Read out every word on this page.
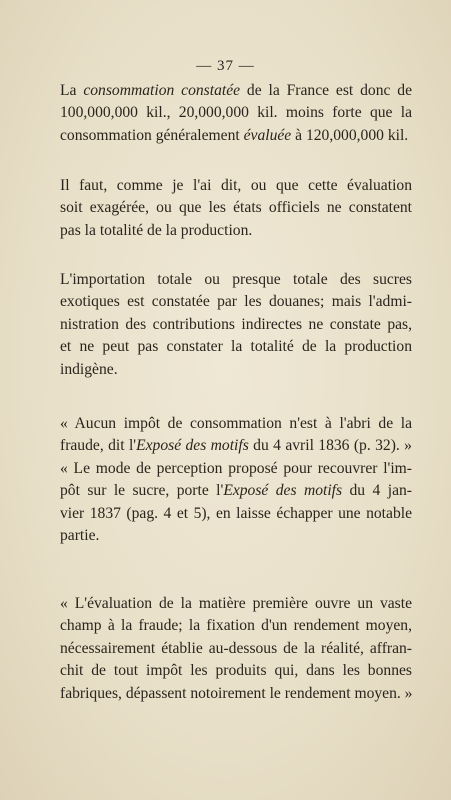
— 37 —

La consommation constatée de la France est donc de
100,000,000 kil., 20,000,000 kil. moins forte que la
consommation généralement évaluée à 120,000,000 kil.

Il faut, comme je l'ai dit, ou que cette évaluation
soit exagérée, ou que les états officiels ne constatent
pas la totalité de la production.

L'importation totale ou presque totale des sucres
exotiques est constatée par les douanes; mais l'admi-
nistration des contributions indirectes ne constate pas,
et ne peut pas constater la totalité de la production
indigène.

« Aucun impôt de consommation n'est à l'abri de la
fraude, dit l'Exposé des motifs du 4 avril 1836 (p. 32). »
« Le mode de perception proposé pour recouvrer l'im-
pôt sur le sucre, porte l'Exposé des motifs du 4 jan-
vier 1837 (pag. 4 et 5), en laisse échapper une notable
partie.

« L'évaluation de la matière première ouvre un vaste
champ à la fraude; la fixation d'un rendement moyen,
nécessairement établie au-dessous de la réalité, affran-
chit de tout impôt les produits qui, dans les bonnes
fabriques, dépassent notoirement le rendement moyen. »
